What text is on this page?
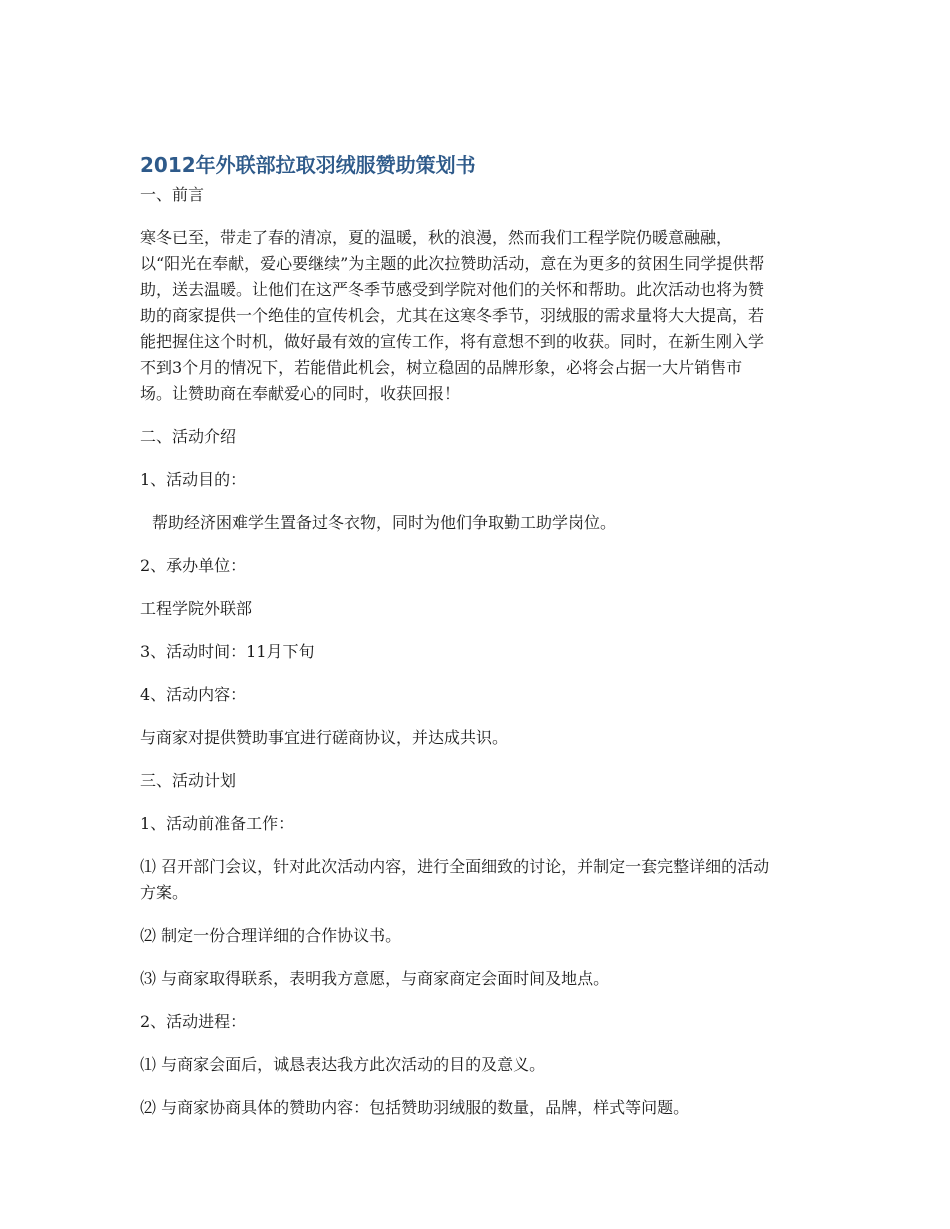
2012年外联部拉取羽绒服赞助策划书

一、前言

寒冬已至，带走了春的清凉，夏的温暖，秋的浪漫，然而我们工程学院仍暖意融融，

以“阳光在奉献，爱心要继续”为主题的此次拉赞助活动，意在为更多的贫困生同学提供帮

助，送去温暖。让他们在这严冬季节感受到学院对他们的关怀和帮助。此次活动也将为赞

助的商家提供一个绝佳的宣传机会，尤其在这寒冬季节，羽绒服的需求量将大大提高，若

能把握住这个时机，做好最有效的宣传工作，将有意想不到的收获。同时，在新生刚入学

不到3个月的情况下，若能借此机会，树立稳固的品牌形象，必将会占据一大片销售市

场。让赞助商在奉献爱心的同时，收获回报！

二、活动介绍

1、活动目的：

帮助经济困难学生置备过冬衣物，同时为他们争取勤工助学岗位。

2、承办单位：

工程学院外联部

3、活动时间：11月下旬

4、活动内容：

与商家对提供赞助事宜进行磋商协议，并达成共识。

三、活动计划

1、活动前准备工作：

⑴ 召开部门会议，针对此次活动内容，进行全面细致的讨论，并制定一套完整详细的活动

方案。

⑵ 制定一份合理详细的合作协议书。

⑶ 与商家取得联系，表明我方意愿，与商家商定会面时间及地点。

2、活动进程：

⑴ 与商家会面后，诚恳表达我方此次活动的目的及意义。

⑵ 与商家协商具体的赞助内容：包括赞助羽绒服的数量，品牌，样式等问题。
